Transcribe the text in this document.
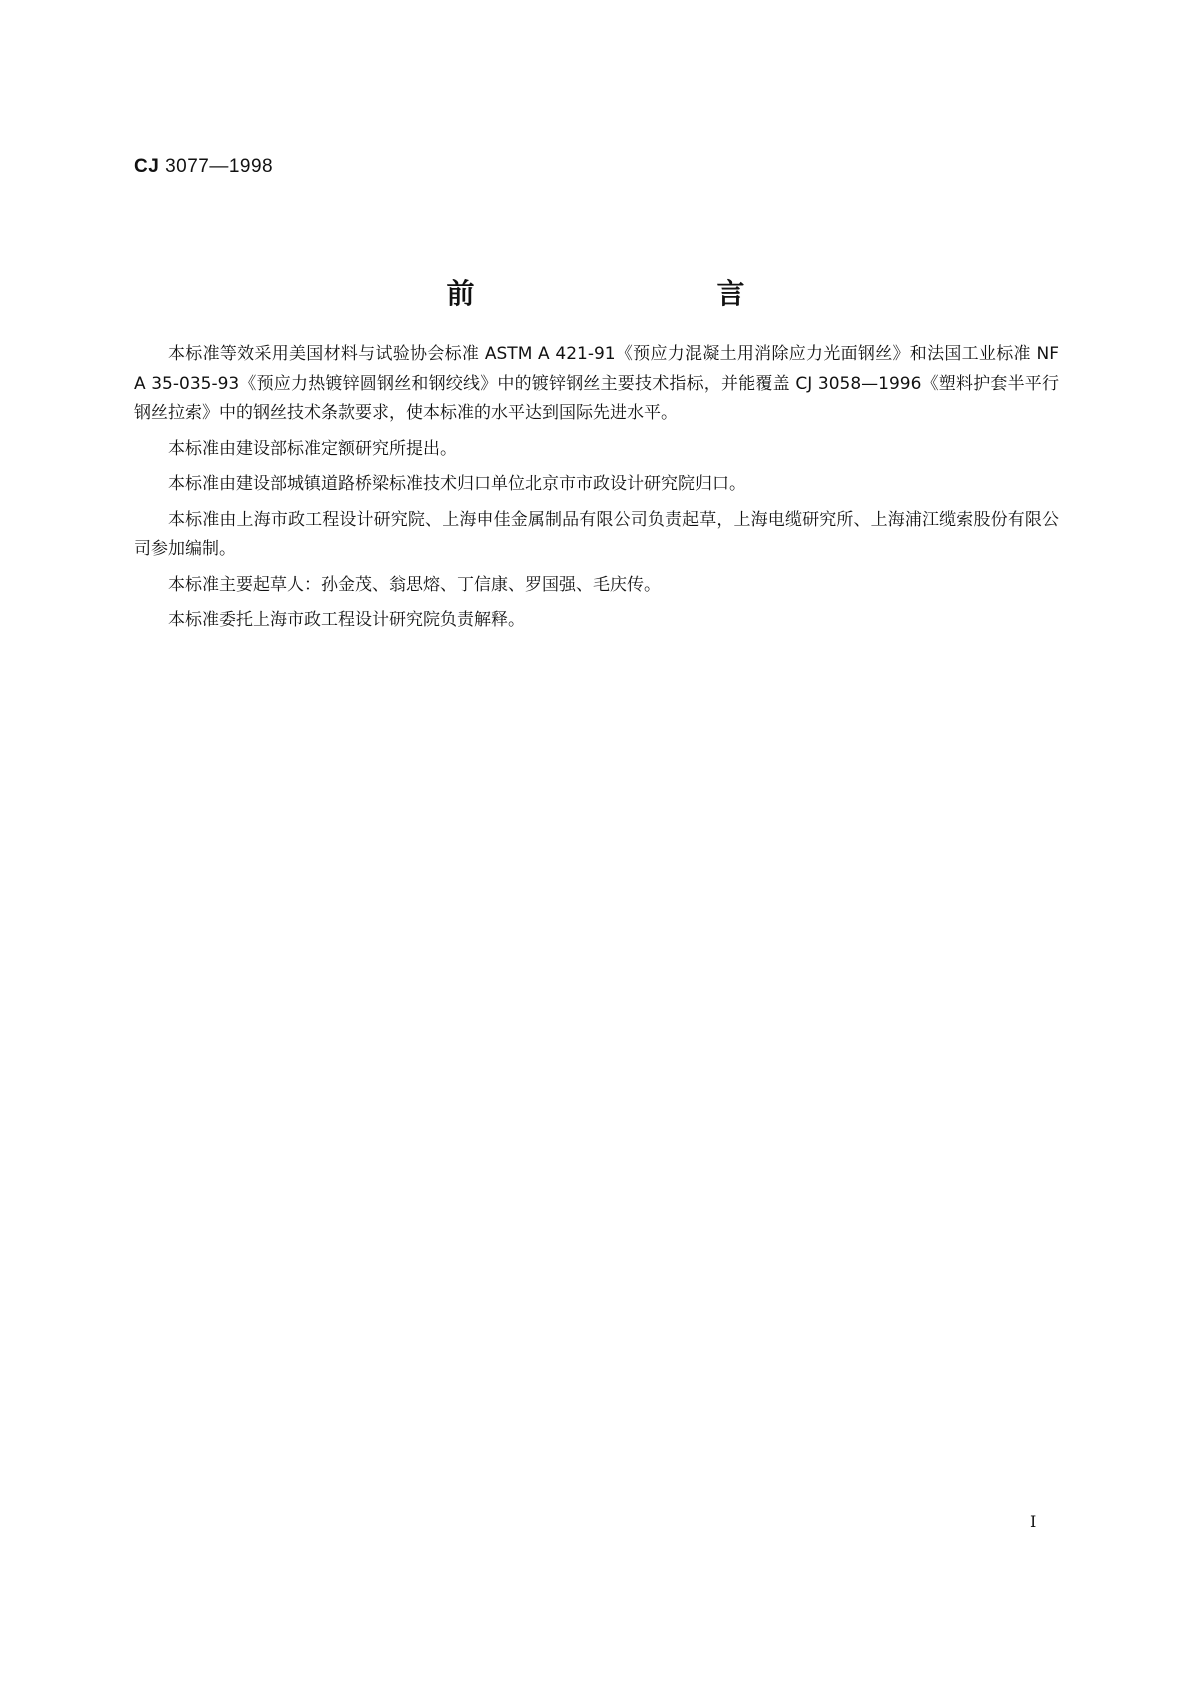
CJ 3077—1998
前　　言

本标准等效采用美国材料与试验协会标准 ASTM A 421-91《预应力混凝土用消除应力光面钢丝》和法国工业标准 NF A 35-035-93《预应力热镀锌圆钢丝和钢绞线》中的镀锌钢丝主要技术指标，并能覆盖 CJ 3058—1996《塑料护套半平行钢丝拉索》中的钢丝技术条款要求，使本标准的水平达到国际先进水平。

本标准由建设部标准定额研究所提出。

本标准由建设部城镇道路桥梁标准技术归口单位北京市市政设计研究院归口。

本标准由上海市政工程设计研究院、上海申佳金属制品有限公司负责起草，上海电缆研究所、上海浦江缆索股份有限公司参加编制。

本标准主要起草人：孙金茂、翁思熔、丁信康、罗国强、毛庆传。

本标准委托上海市政工程设计研究院负责解释。

I
